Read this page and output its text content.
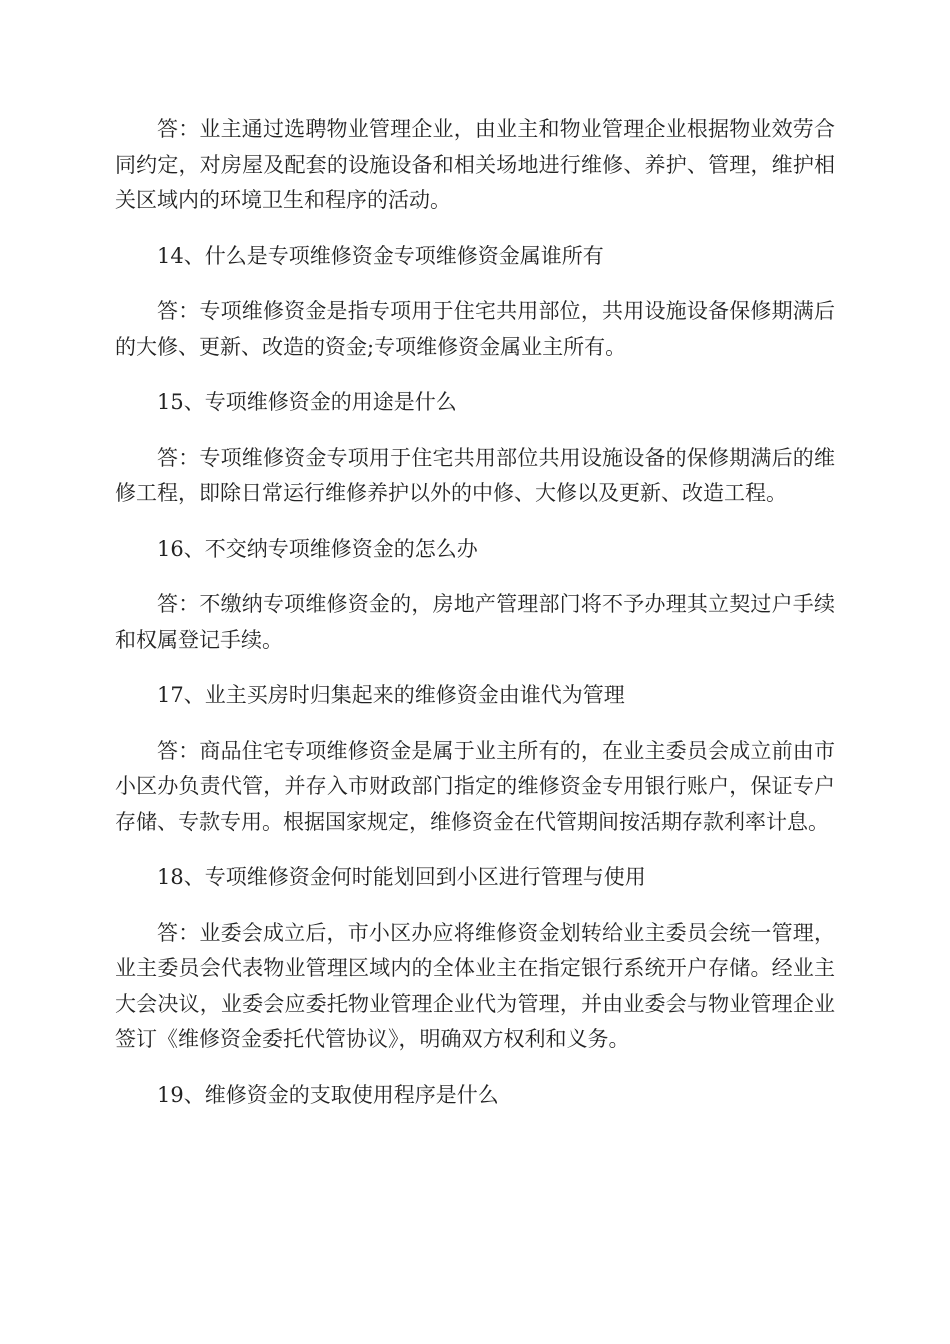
答：业主通过选聘物业管理企业，由业主和物业管理企业根据物业效劳合同约定，对房屋及配套的设施设备和相关场地进行维修、养护、管理，维护相关区域内的环境卫生和程序的活动。

14、什么是专项维修资金专项维修资金属谁所有

答：专项维修资金是指专项用于住宅共用部位，共用设施设备保修期满后的大修、更新、改造的资金;专项维修资金属业主所有。

15、专项维修资金的用途是什么

答：专项维修资金专项用于住宅共用部位共用设施设备的保修期满后的维修工程，即除日常运行维修养护以外的中修、大修以及更新、改造工程。

16、不交纳专项维修资金的怎么办

答：不缴纳专项维修资金的，房地产管理部门将不予办理其立契过户手续和权属登记手续。

17、业主买房时归集起来的维修资金由谁代为管理

答：商品住宅专项维修资金是属于业主所有的，在业主委员会成立前由市小区办负责代管，并存入市财政部门指定的维修资金专用银行账户，保证专户存储、专款专用。根据国家规定，维修资金在代管期间按活期存款利率计息。

18、专项维修资金何时能划回到小区进行管理与使用

答：业委会成立后，市小区办应将维修资金划转给业主委员会统一管理，业主委员会代表物业管理区域内的全体业主在指定银行系统开户存储。经业主大会决议，业委会应委托物业管理企业代为管理，并由业委会与物业管理企业签订《维修资金委托代管协议》，明确双方权利和义务。

19、维修资金的支取使用程序是什么
